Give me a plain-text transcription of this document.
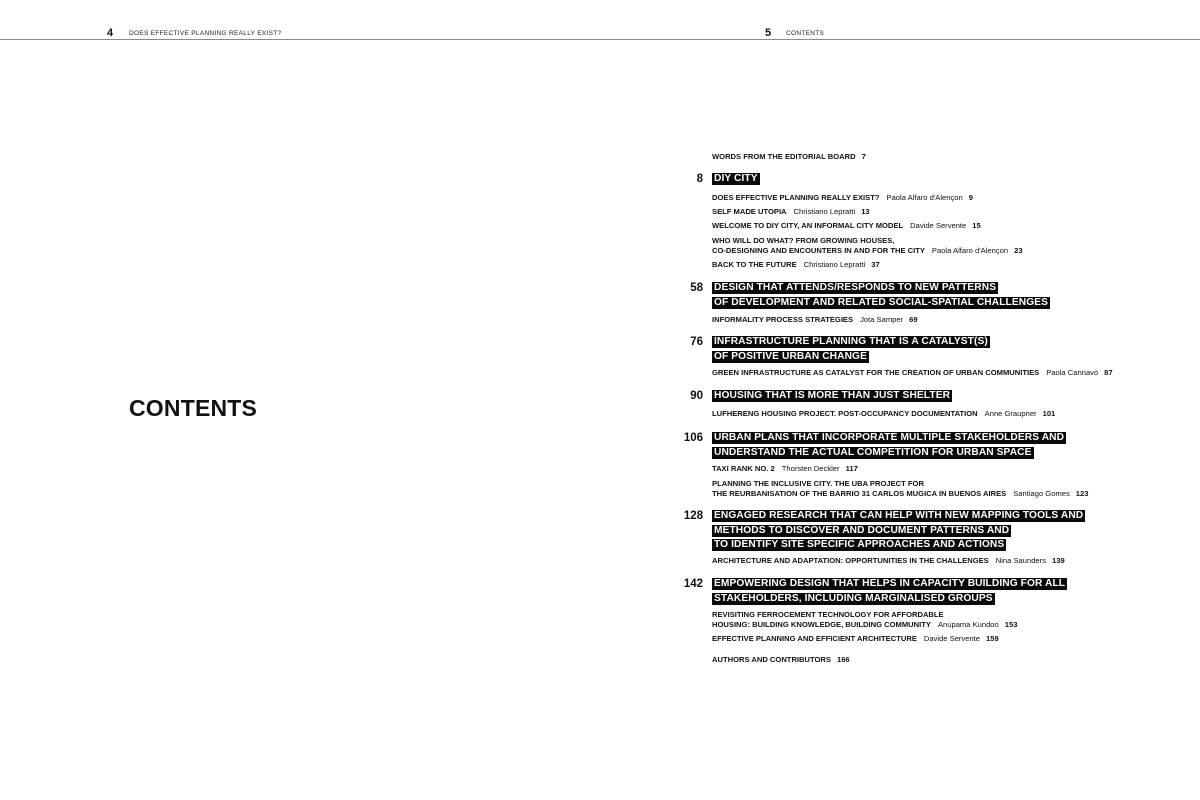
4 DOES EFFECTIVE PLANNING REALLY EXIST?	5 CONTENTS
CONTENTS
WORDS FROM THE EDITORIAL BOARD 7
8 DIY CITY
DOES EFFECTIVE PLANNING REALLY EXIST? Paola Alfaro d'Alençon 9
SELF MADE UTOPIA Christiano Lepratti 13
WELCOME TO DIY CITY, AN INFORMAL CITY MODEL Davide Servente 15
WHO WILL DO WHAT? FROM GROWING HOUSES,
CO-DESIGNING AND ENCOUNTERS IN AND FOR THE CITY Paola Alfaro d'Alençon 23
BACK TO THE FUTURE Christiano Lepratti 37
58 DESIGN THAT ATTENDS/RESPONDS TO NEW PATTERNS
OF DEVELOPMENT AND RELATED SOCIAL-SPATIAL CHALLENGES
INFORMALITY PROCESS STRATEGIES Jota Samper 69
76 INFRASTRUCTURE PLANNING THAT IS A CATALYST(S)
OF POSITIVE URBAN CHANGE
GREEN INFRASTRUCTURE AS CATALYST FOR THE CREATION OF URBAN COMMUNITIES Paola Cannavò 87
90 HOUSING THAT IS MORE THAN JUST SHELTER
LUFHERENG HOUSING PROJECT. POST-OCCUPANCY DOCUMENTATION Anne Graupner 101
106 URBAN PLANS THAT INCORPORATE MULTIPLE STAKEHOLDERS AND
UNDERSTAND THE ACTUAL COMPETITION FOR URBAN SPACE
TAXI RANK NO. 2 Thorsten Deckler 117
PLANNING THE INCLUSIVE CITY. THE UBA PROJECT FOR
THE REURBANISATION OF THE BARRIO 31 CARLOS MUGICA IN BUENOS AIRES Santiago Gomes 123
128 ENGAGED RESEARCH THAT CAN HELP WITH NEW MAPPING TOOLS AND
METHODS TO DISCOVER AND DOCUMENT PATTERNS AND
TO IDENTIFY SITE SPECIFIC APPROACHES AND ACTIONS
ARCHITECTURE AND ADAPTATION: OPPORTUNITIES IN THE CHALLENGES Nina Saunders 139
142 EMPOWERING DESIGN THAT HELPS IN CAPACITY BUILDING FOR ALL
STAKEHOLDERS, INCLUDING MARGINALISED GROUPS
REVISITING FERROCEMENT TECHNOLOGY FOR AFFORDABLE
HOUSING: BUILDING KNOWLEDGE, BUILDING COMMUNITY Anupama Kundoo 153
EFFECTIVE PLANNING AND EFFICIENT ARCHITECTURE Davide Servente 159
AUTHORS AND CONTRIBUTORS 166
